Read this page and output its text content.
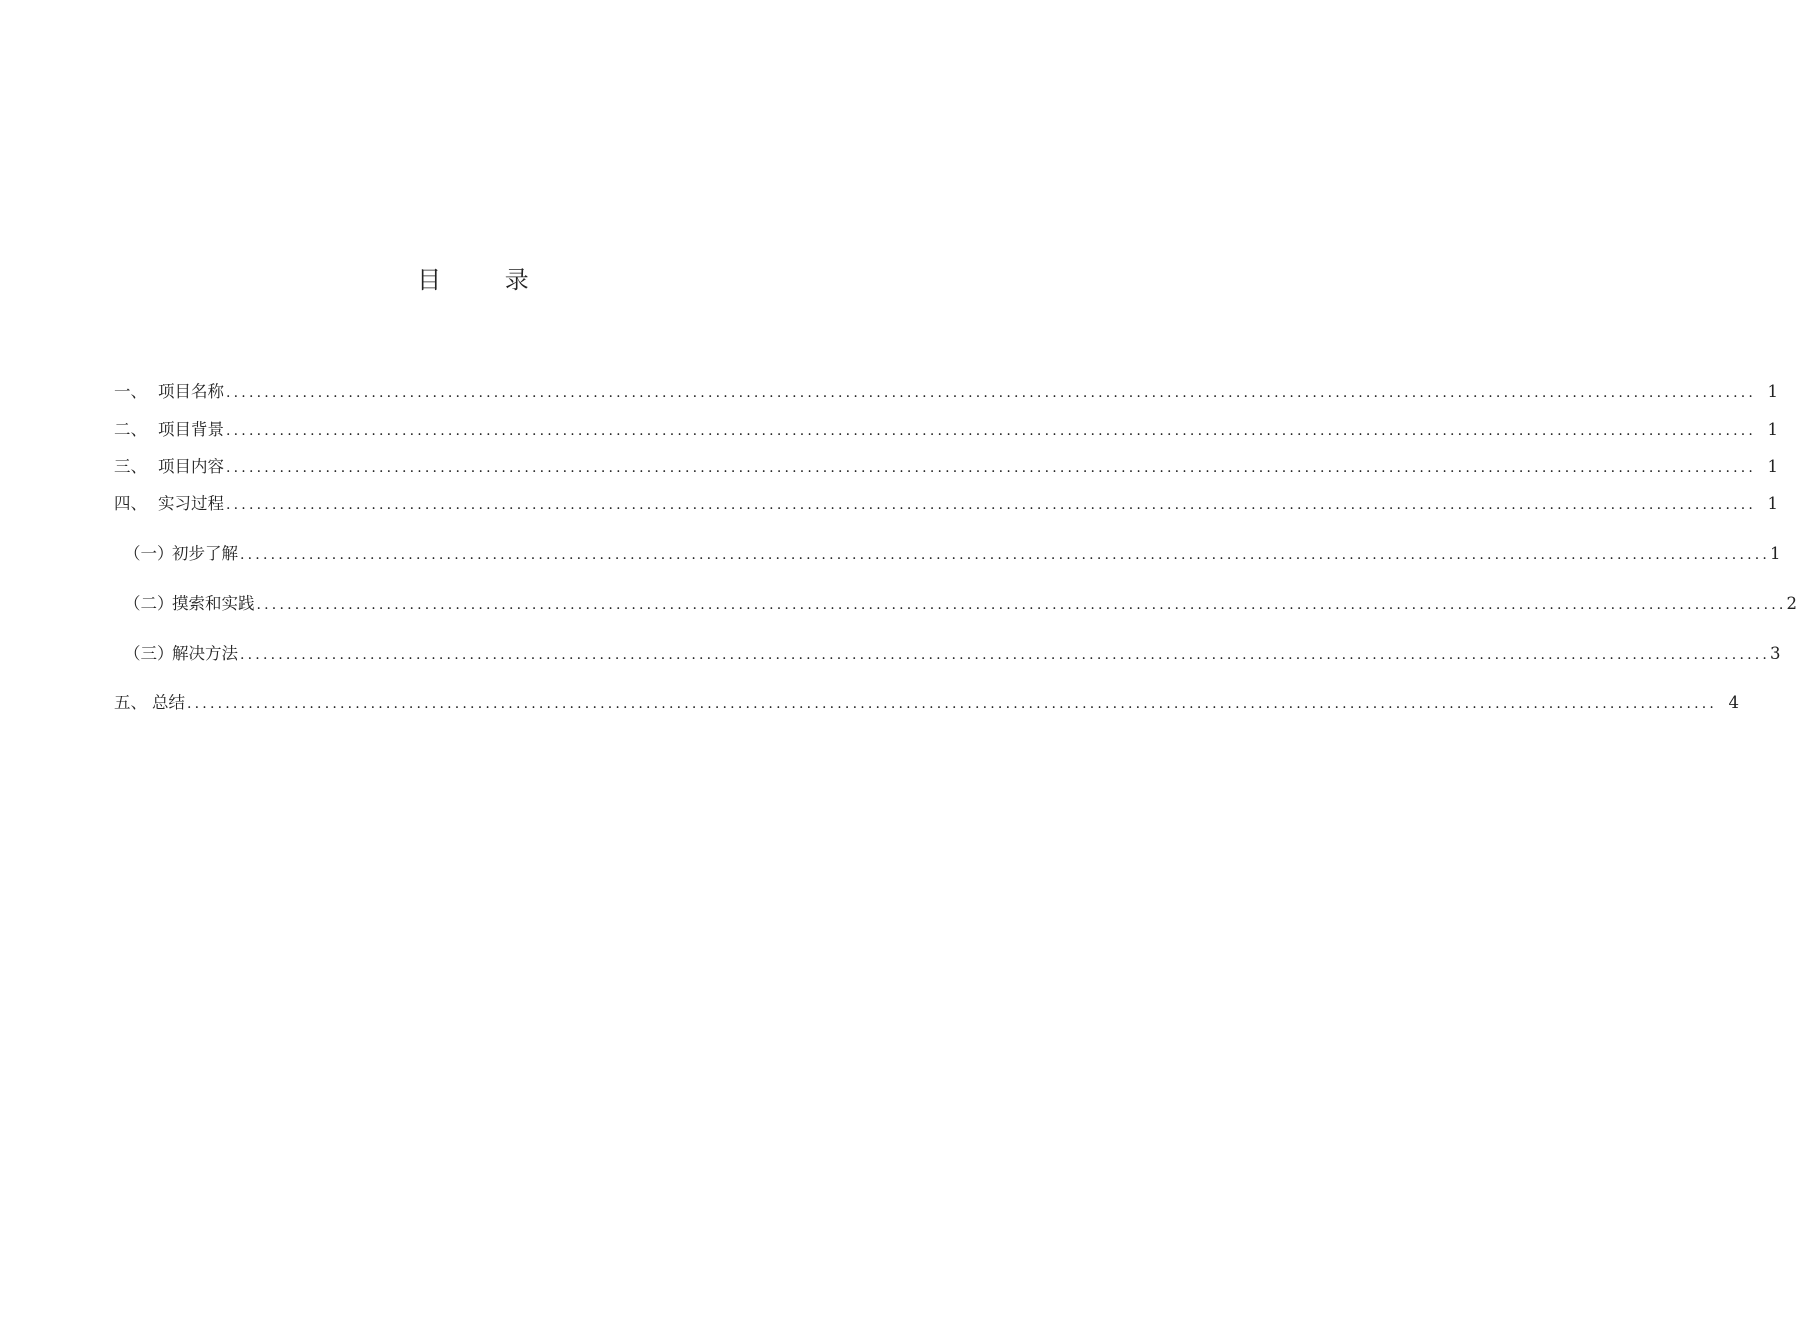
目 录
一、 项目名称 ........................................................................................................................................................................................................ 1
二、 项目背景 ........................................................................................................................................................................................................ 1
三、 项目内容 ........................................................................................................................................................................................................ 1
四、 实习过程 ........................................................................................................................................................................................................ 1
（一）
初步了解 ........................................................................................................................................................................................................ 1
（二）
摸索和实践 ........................................................................................................................................................................................................ 2
（三）
解决方法 ........................................................................................................................................................................................................ 3
五、 总结 ........................................................................................................................................................................................................ 4
